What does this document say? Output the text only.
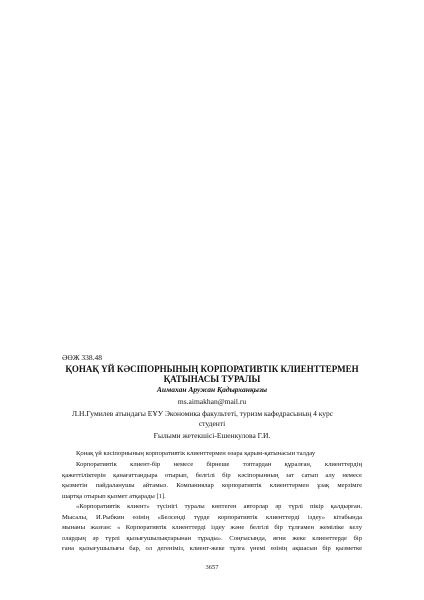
ӘӨЖ 338.48
ҚОНАҚ ҮЙ КӘСІПОРНЫНЫҢ КОРПОРАТИВТІК КЛИЕНТТЕРМЕН
ҚАТЫНАСЫ ТУРАЛЫ
Аимахан Аружан Қадырханқызы
ms.aimakhan@mail.ru
Л.Н.Гумилев атындағы ЕҰУ Экономика факультеті, туризм кафедрасының 4 курс
студенті
Ғылыми жетекшісі-Ешенкулова Г.И.
Қонақ үй кәсіпорнының корпоративтік клиенттермен өзара қарым-қатынасын талдау
Корпоративтік клиент-бір немесе бірнеше топтардан құралған, клиенттердің
қажеттіліктерін қанағаттандыра отырып, белгілі бір кәсіпорынның зат сатып алу немесе
қызметін пайдаланушы айтамыз. Компаниялар корпоративтік клиенттермен ұзақ мерзімге
шартқа отырып қызмет атқарады [1].
«Корпоративтік клиент» түсінігі туралы көптеген авторлар әр түрлі пікір қалдырған.
Мысалы, И.Рыбкин өзінің «Белсенді түрде корпоративтік клиенттерді іздеу» кітабында
мынаны жазған: « Корпоративтік клиенттерді іздеу және белгілі бір тұлғамен жеміліке келу
олардың әр түрлі қызығушылықтарынан тұрады». Соңғысында, яғни жеке клиенттерде бір
ғана қызығушылығы бар, ол дегеніміз, клиент-жеке тұлға үнемі өзінің ақшасын бір қызметке
3657
